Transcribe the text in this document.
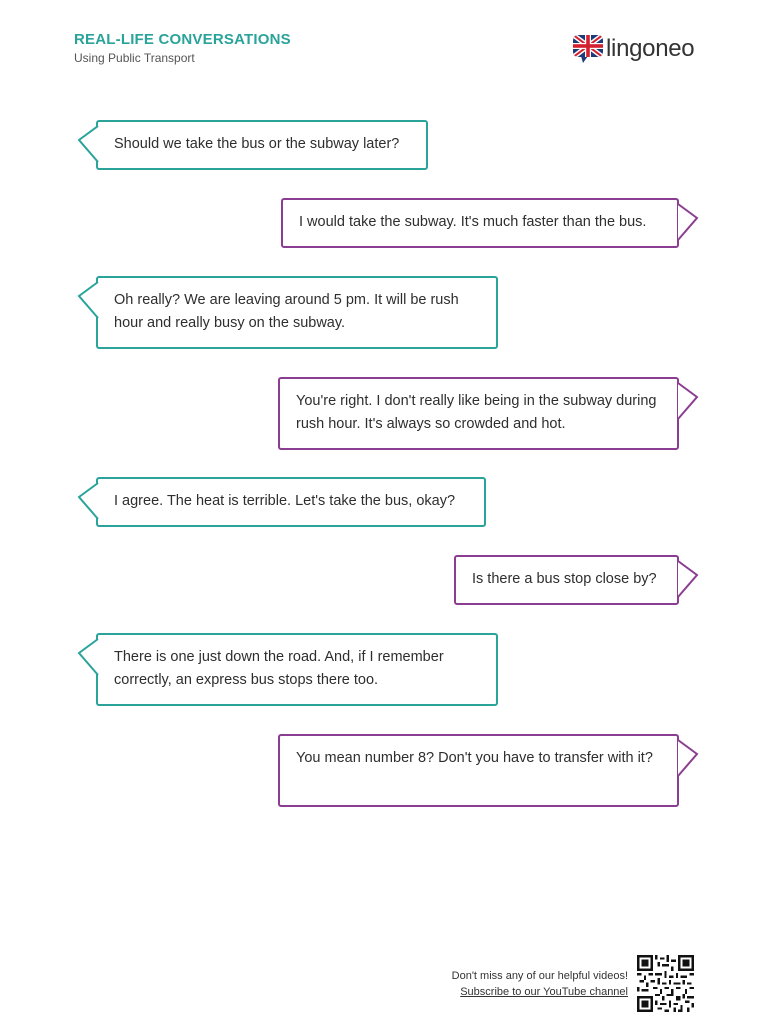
REAL-LIFE CONVERSATIONS
Using Public Transport	lingoneo
Should we take the bus or the subway later?
I would take the subway. It's much faster than the bus.
Oh really? We are leaving around 5 pm. It will be rush hour and really busy on the subway.
You're right. I don't really like being in the subway during rush hour. It's always so crowded and hot.
I agree. The heat is terrible. Let's take the bus, okay?
Is there a bus stop close by?
There is one just down the road. And, if I remember correctly, an express bus stops there too.
You mean number 8? Don't you have to transfer with it?
Don't miss any of our helpful videos!
Subscribe to our YouTube channel
